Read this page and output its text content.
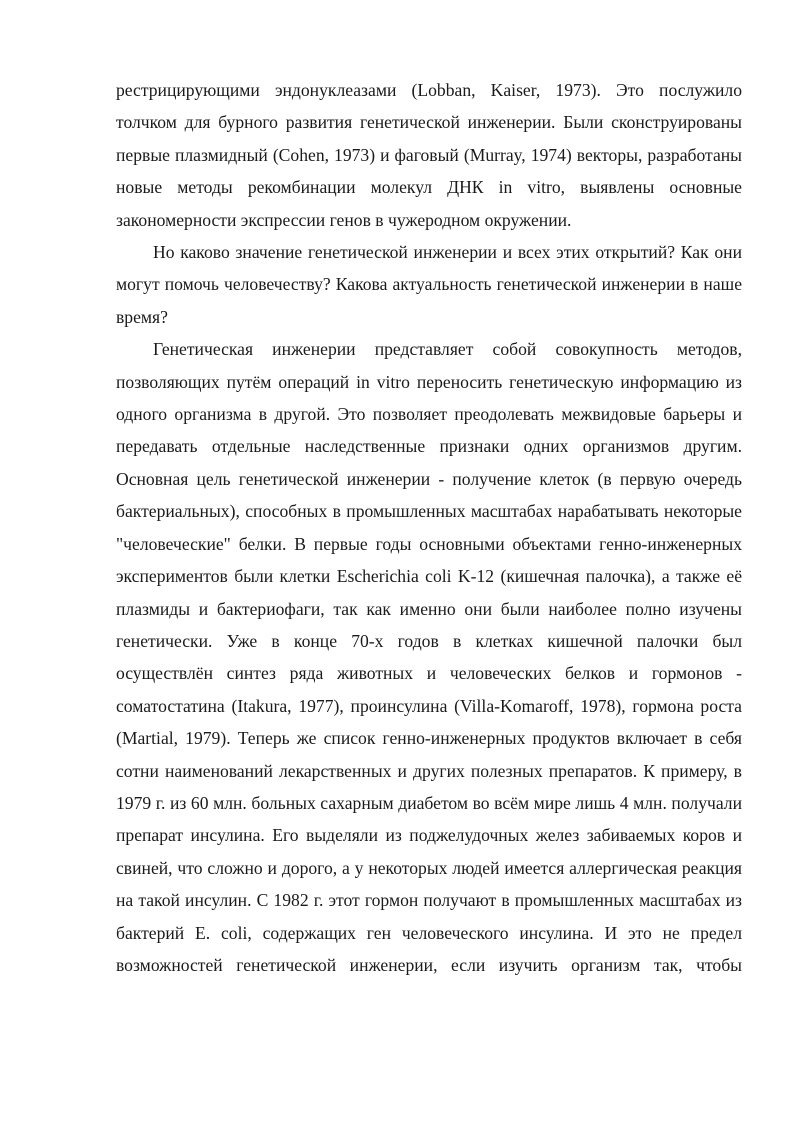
рестрицирующими эндонуклеазами (Lobban, Kaiser, 1973). Это послужило толчком для бурного развития генетической инженерии. Были сконструированы первые плазмидный (Cohen, 1973) и фаговый (Murray, 1974) векторы, разработаны новые методы рекомбинации молекул ДНК in vitro, выявлены основные закономерности экспрессии генов в чужеродном окружении.

Но каково значение генетической инженерии и всех этих открытий? Как они могут помочь человечеству? Какова актуальность генетической инженерии в наше время?

Генетическая инженерии представляет собой совокупность методов, позволяющих путём операций in vitro переносить генетическую информацию из одного организма в другой. Это позволяет преодолевать межвидовые барьеры и передавать отдельные наследственные признаки одних организмов другим. Основная цель генетической инженерии - получение клеток (в первую очередь бактериальных), способных в промышленных масштабах нарабатывать некоторые "человеческие" белки. В первые годы основными объектами генно-инженерных экспериментов были клетки Escherichia coli K-12 (кишечная палочка), а также её плазмиды и бактериофаги, так как именно они были наиболее полно изучены генетически. Уже в конце 70-х годов в клетках кишечной палочки был осуществлён синтез ряда животных и человеческих белков и гормонов - соматостатина (Itakura, 1977), проинсулина (Villa-Komaroff, 1978), гормона роста (Martial, 1979). Теперь же список генно-инженерных продуктов включает в себя сотни наименований лекарственных и других полезных препаратов. К примеру, в 1979 г. из 60 млн. больных сахарным диабетом во всём мире лишь 4 млн. получали препарат инсулина. Его выделяли из поджелудочных желез забиваемых коров и свиней, что сложно и дорого, а у некоторых людей имеется аллергическая реакция на такой инсулин. С 1982 г. этот гормон получают в промышленных масштабах из бактерий E. coli, содержащих ген человеческого инсулина. И это не предел возможностей генетической инженерии, если изучить организм так, чтобы
